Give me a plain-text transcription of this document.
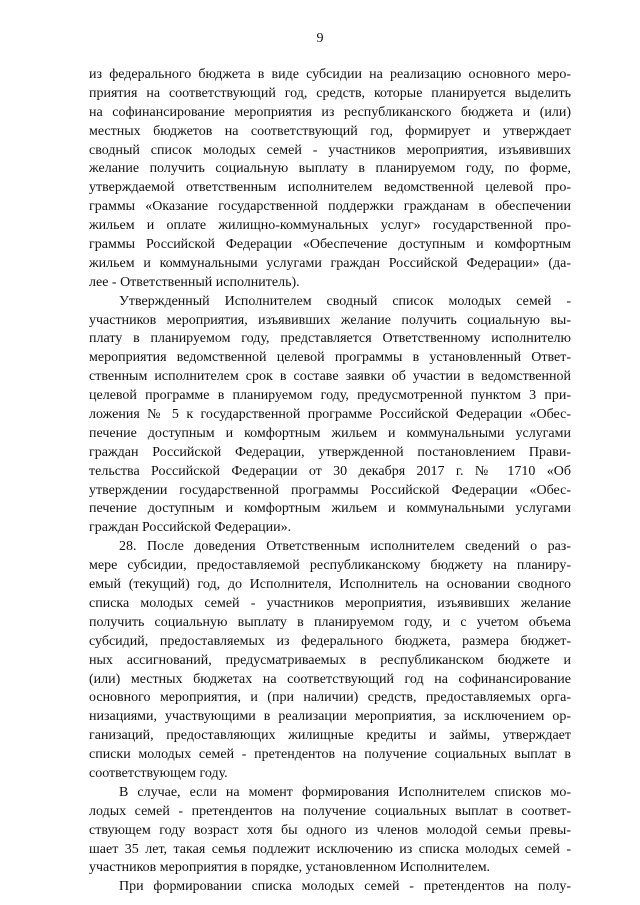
9
из федерального бюджета в виде субсидии на реализацию основного меро-
приятия на соответствующий год, средств, которые планируется выделить
на софинансирование мероприятия из республиканского бюджета и (или)
местных бюджетов на соответствующий год, формирует и утверждает
сводный список молодых семей - участников мероприятия, изъявивших
желание получить социальную выплату в планируемом году, по форме,
утверждаемой ответственным исполнителем ведомственной целевой про-
граммы «Оказание государственной поддержки гражданам в обеспечении
жильем и оплате жилищно-коммунальных услуг» государственной про-
граммы Российской Федерации «Обеспечение доступным и комфортным
жильем и коммунальными услугами граждан Российской Федерации» (да-
лее - Ответственный исполнитель).
Утвержденный Исполнителем сводный список молодых семей -
участников мероприятия, изъявивших желание получить социальную вы-
плату в планируемом году, представляется Ответственному исполнителю
мероприятия ведомственной целевой программы в установленный Ответ-
ственным исполнителем срок в составе заявки об участии в ведомственной
целевой программе в планируемом году, предусмотренной пунктом 3 при-
ложения № 5 к государственной программе Российской Федерации «Обес-
печение доступным и комфортным жильем и коммунальными услугами
граждан Российской Федерации, утвержденной постановлением Прави-
тельства Российской Федерации от 30 декабря 2017 г. № 1710 «Об
утверждении государственной программы Российской Федерации «Обес-
печение доступным и комфортным жильем и коммунальными услугами
граждан Российской Федерации».
28. После доведения Ответственным исполнителем сведений о раз-
мере субсидии, предоставляемой республиканскому бюджету на планиру-
емый (текущий) год, до Исполнителя, Исполнитель на основании сводного
списка молодых семей - участников мероприятия, изъявивших желание
получить социальную выплату в планируемом году, и с учетом объема
субсидий, предоставляемых из федерального бюджета, размера бюджет-
ных ассигнований, предусматриваемых в республиканском бюджете и
(или) местных бюджетах на соответствующий год на софинансирование
основного мероприятия, и (при наличии) средств, предоставляемых орга-
низациями, участвующими в реализации мероприятия, за исключением ор-
ганизаций, предоставляющих жилищные кредиты и займы, утверждает
списки молодых семей - претендентов на получение социальных выплат в
соответствующем году.
В случае, если на момент формирования Исполнителем списков мо-
лодых семей - претендентов на получение социальных выплат в соответ-
ствующем году возраст хотя бы одного из членов молодой семьи превы-
шает 35 лет, такая семья подлежит исключению из списка молодых семей -
участников мероприятия в порядке, установленном Исполнителем.
При формировании списка молодых семей - претендентов на полу-
